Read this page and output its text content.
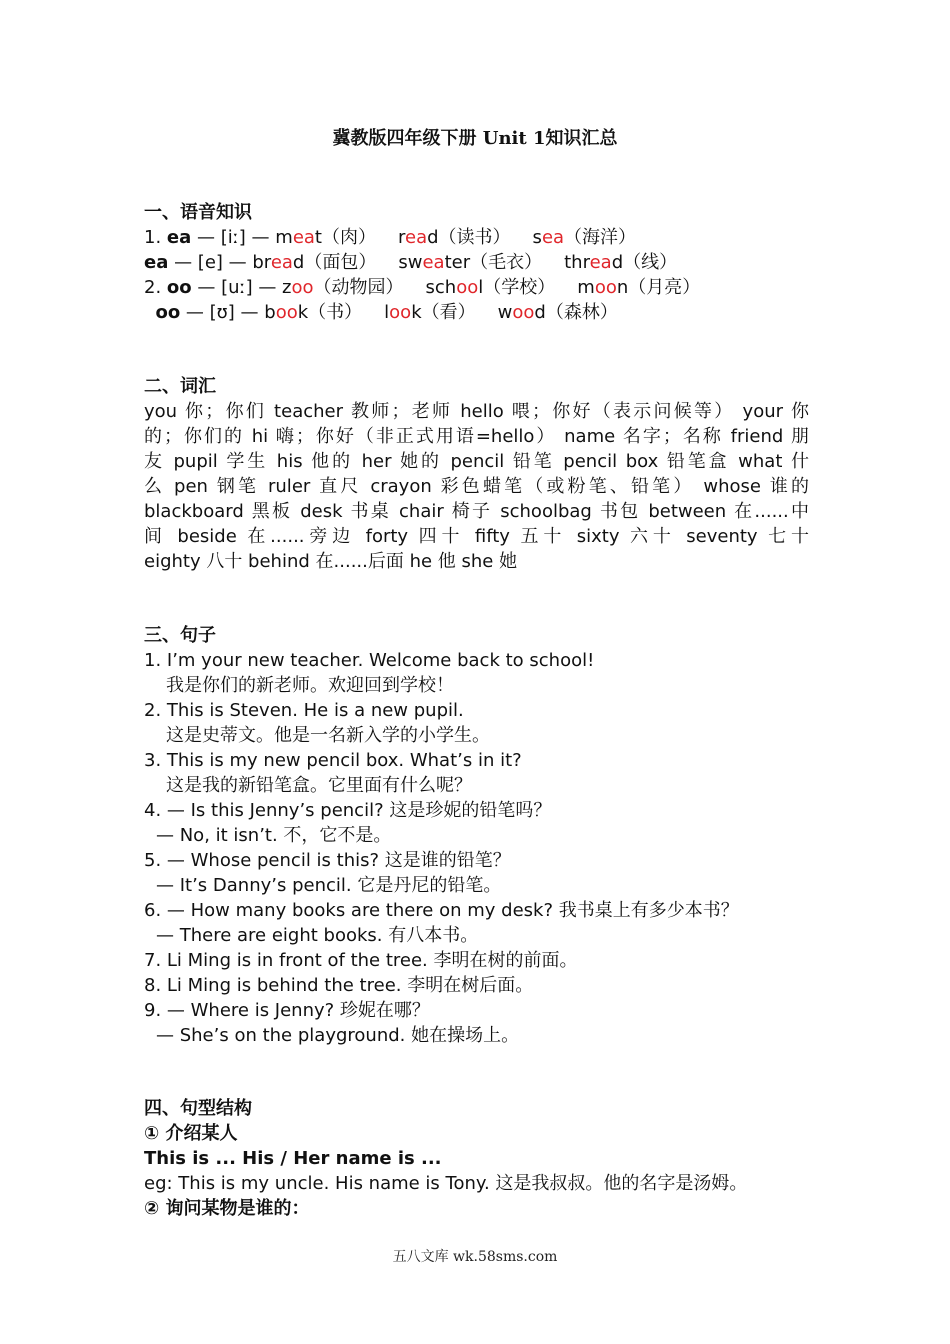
冀教版四年级下册 Unit 1知识汇总
一、语音知识
1. ea — [iː] — meat（肉） read（读书） sea（海洋）
ea — [e] — bread（面包） sweater（毛衣） thread（线）
2. oo — [uː] — zoo（动物园） school（学校） moon（月亮）
oo — [ʊ] — book（书） look（看） wood（森林）
二、词汇
you 你；你们 teacher 教师；老师 hello 喂；你好（表示问候等） your 你
的；你们的 hi 嗨；你好（非正式用语=hello） name 名字；名称 friend 朋
友 pupil 学生 his 他的 her 她的 pencil 铅笔 pencil box 铅笔盒 what 什
么 pen 钢笔 ruler 直尺 crayon 彩色蜡笔（或粉笔、铅笔） whose 谁的
blackboard 黑板 desk 书桌 chair 椅子 schoolbag 书包 between 在......中
间 beside 在......旁边 forty 四十 fifty 五十 sixty 六十 seventy 七十
eighty 八十 behind 在......后面 he 他 she 她
三、句子
1. I’m your new teacher. Welcome back to school!
我是你们的新老师。欢迎回到学校！
2. This is Steven. He is a new pupil.
这是史蒂文。他是一名新入学的小学生。
3. This is my new pencil box. What’s in it?
这是我的新铅笔盒。它里面有什么呢？
4. — Is this Jenny’s pencil? 这是珍妮的铅笔吗？
— No, it isn’t. 不，它不是。
5. — Whose pencil is this? 这是谁的铅笔？
— It’s Danny’s pencil. 它是丹尼的铅笔。
6. — How many books are there on my desk? 我书桌上有多少本书？
— There are eight books. 有八本书。
7. Li Ming is in front of the tree. 李明在树的前面。
8. Li Ming is behind the tree. 李明在树后面。
9. — Where is Jenny? 珍妮在哪？
— She’s on the playground. 她在操场上。
四、句型结构
① 介绍某人
This is ... His / Her name is ...
eg: This is my uncle. His name is Tony. 这是我叔叔。他的名字是汤姆。
② 询问某物是谁的：
五八文库 wk.58sms.com
